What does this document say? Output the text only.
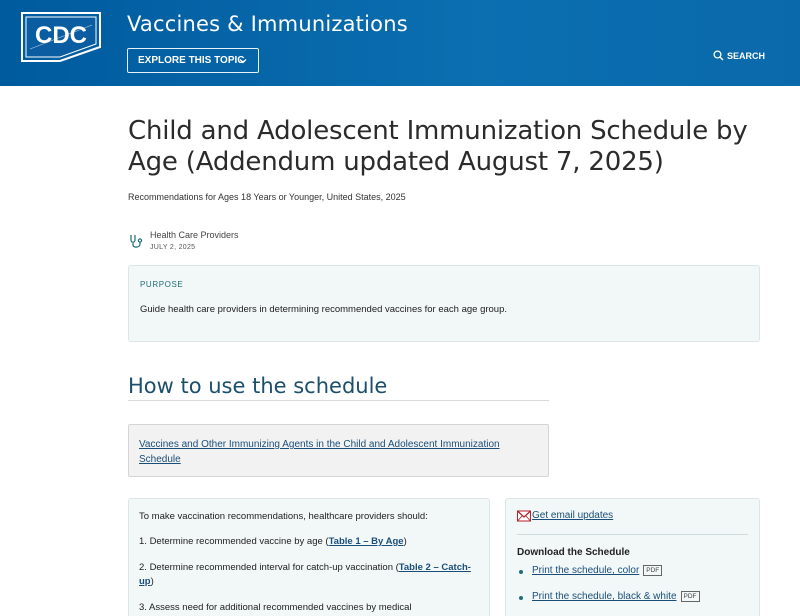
CDC Vaccines & Immunizations
EXPLORE THIS TOPIC	SEARCH
Child and Adolescent Immunization Schedule by Age (Addendum updated August 7, 2025)
Recommendations for Ages 18 Years or Younger, United States, 2025
Health Care Providers
JULY 2, 2025
PURPOSE
Guide health care providers in determining recommended vaccines for each age group.
How to use the schedule
Vaccines and Other Immunizing Agents in the Child and Adolescent Immunization Schedule
To make vaccination recommendations, healthcare providers should:
1. Determine recommended vaccine by age (Table 1 – By Age)
2. Determine recommended interval for catch-up vaccination (Table 2 – Catch-up)
3. Assess need for additional recommended vaccines by medical
Get email updates
Download the Schedule
Print the schedule, color PDF
Print the schedule, black & white PDF
